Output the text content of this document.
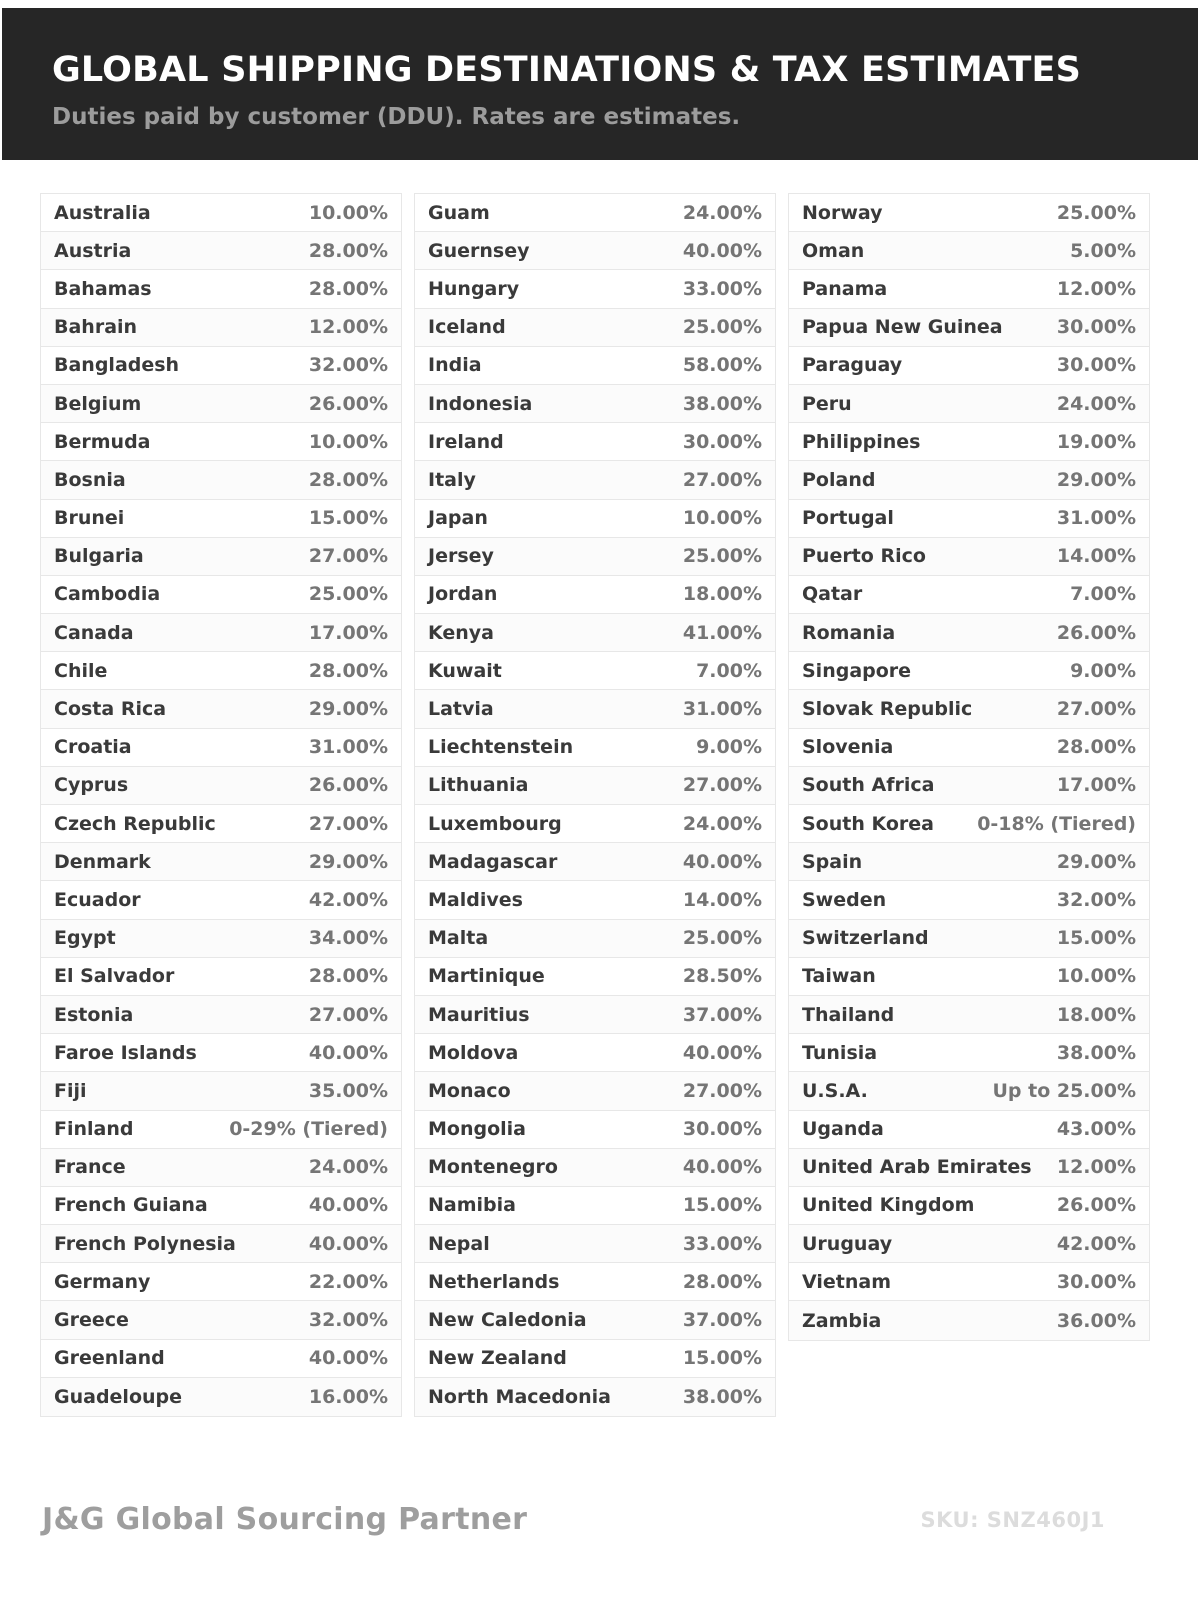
GLOBAL SHIPPING DESTINATIONS & TAX ESTIMATES
Duties paid by customer (DDU). Rates are estimates.
Australia	10.00%
Austria	28.00%
Bahamas	28.00%
Bahrain	12.00%
Bangladesh	32.00%
Belgium	26.00%
Bermuda	10.00%
Bosnia	28.00%
Brunei	15.00%
Bulgaria	27.00%
Cambodia	25.00%
Canada	17.00%
Chile	28.00%
Costa Rica	29.00%
Croatia	31.00%
Cyprus	26.00%
Czech Republic	27.00%
Denmark	29.00%
Ecuador	42.00%
Egypt	34.00%
El Salvador	28.00%
Estonia	27.00%
Faroe Islands	40.00%
Fiji	35.00%
Finland	0-29% (Tiered)
France	24.00%
French Guiana	40.00%
French Polynesia	40.00%
Germany	22.00%
Greece	32.00%
Greenland	40.00%
Guadeloupe	16.00%
Guam	24.00%
Guernsey	40.00%
Hungary	33.00%
Iceland	25.00%
India	58.00%
Indonesia	38.00%
Ireland	30.00%
Italy	27.00%
Japan	10.00%
Jersey	25.00%
Jordan	18.00%
Kenya	41.00%
Kuwait	7.00%
Latvia	31.00%
Liechtenstein	9.00%
Lithuania	27.00%
Luxembourg	24.00%
Madagascar	40.00%
Maldives	14.00%
Malta	25.00%
Martinique	28.50%
Mauritius	37.00%
Moldova	40.00%
Monaco	27.00%
Mongolia	30.00%
Montenegro	40.00%
Namibia	15.00%
Nepal	33.00%
Netherlands	28.00%
New Caledonia	37.00%
New Zealand	15.00%
North Macedonia	38.00%
Norway	25.00%
Oman	5.00%
Panama	12.00%
Papua New Guinea	30.00%
Paraguay	30.00%
Peru	24.00%
Philippines	19.00%
Poland	29.00%
Portugal	31.00%
Puerto Rico	14.00%
Qatar	7.00%
Romania	26.00%
Singapore	9.00%
Slovak Republic	27.00%
Slovenia	28.00%
South Africa	17.00%
South Korea 0-18% (Tiered)
Spain	29.00%
Sweden	32.00%
Switzerland	15.00%
Taiwan	10.00%
Thailand	18.00%
Tunisia	38.00%
U.S.A.	Up to 25.00%
Uganda	43.00%
United Arab Emirates 12.00%
United Kingdom	26.00%
Uruguay	42.00%
Vietnam	30.00%
Zambia	36.00%
J&G Global Sourcing Partner	SKU: SNZ460J1
